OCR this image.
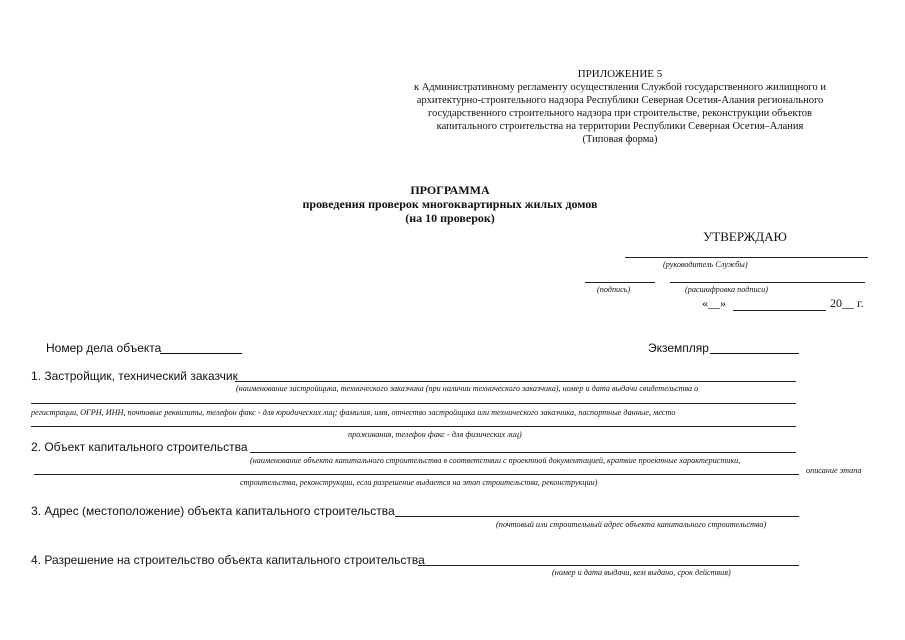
ПРИЛОЖЕНИЕ 5
к Административному регламенту осуществления Службой государственного жилищного и
архитектурно-строительного надзора Республики Северная Осетия-Алания регионального
государственного строительного надзора при строительстве, реконструкции объектов
капитального строительства на территории Республики Северная Осетия–Алания
(Типовая форма)
ПРОГРАММА
проведения проверок многоквартирных жилых домов
(на 10 проверок)
УТВЕРЖДАЮ
(руководитель Службы)
(подпись)	(расшифровка подписи)
«__»	20__ г.
Номер дела объекта	Экземпляр
1. Застройщик, технический заказчик
(наименование застройщика, технического заказчика (при наличии технического заказчика), номер и дата выдачи свидетельства о
регистрации, ОГРН, ИНН, почтовые реквизиты, телефон факс - для юридических лиц; фамилия, имя, отчество застройщика или технического заказчика, паспортные данные, место
проживания, телефон факс - для физических лиц)
2. Объект капитального строительства
(наименование объекта капитального строительства в соответствии с проектной документацией, краткие проектные характеристики,
описание этапа
строительства, реконструкции, если разрешение выдается на этап строительства, реконструкции)
3. Адрес (местоположение) объекта капитального строительства
(почтовый или строительный адрес объекта капитального строительства)
4. Разрешение на строительство объекта капитального строительства
(номер и дата выдачи, кем выдано, срок действия)
